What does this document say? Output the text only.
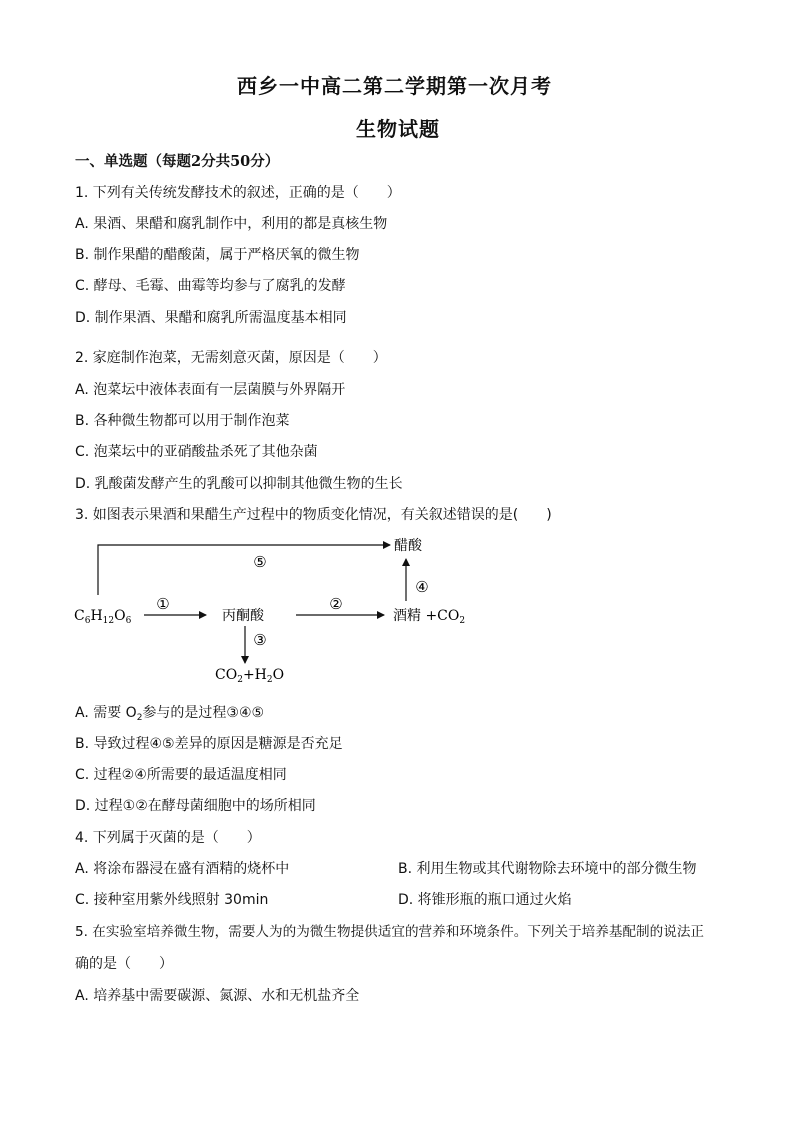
西乡一中高二第二学期第一次月考
生物试题
一、单选题（每题2分共50分）
1. 下列有关传统发酵技术的叙述，正确的是（　　）
A. 果酒、果醋和腐乳制作中，利用的都是真核生物
B. 制作果醋的醋酸菌，属于严格厌氧的微生物
C. 酵母、毛霉、曲霉等均参与了腐乳的发酵
D. 制作果酒、果醋和腐乳所需温度基本相同
2. 家庭制作泡菜，无需刻意灭菌，原因是（　　）
A. 泡菜坛中液体表面有一层菌膜与外界隔开
B. 各种微生物都可以用于制作泡菜
C. 泡菜坛中的亚硝酸盐杀死了其他杂菌
D. 乳酸菌发酵产生的乳酸可以抑制其他微生物的生长
3. 如图表示果酒和果醋生产过程中的物质变化情况，有关叙述错误的是(　　)
⑤
①	②
③
④
$C_6H_{12}O_6$	丙酮酸	酒精 $+CO_2$
醋酸
$CO_2+H_2O$
A. 需要 $O_2$参与的是过程③④⑤
B. 导致过程④⑤差异的原因是糖源是否充足
C. 过程②④所需要的最适温度相同
D. 过程①②在酵母菌细胞中的场所相同
4. 下列属于灭菌的是（　　）
A. 将涂布器浸在盛有酒精的烧杯中	B. 利用生物或其代谢物除去环境中的部分微生物
C. 接种室用紫外线照射 30min	D. 将锥形瓶的瓶口通过火焰
5. 在实验室培养微生物，需要人为的为微生物提供适宜的营养和环境条件。下列关于培养基配制的说法正
确的是（　　）
A. 培养基中需要碳源、氮源、水和无机盐齐全
